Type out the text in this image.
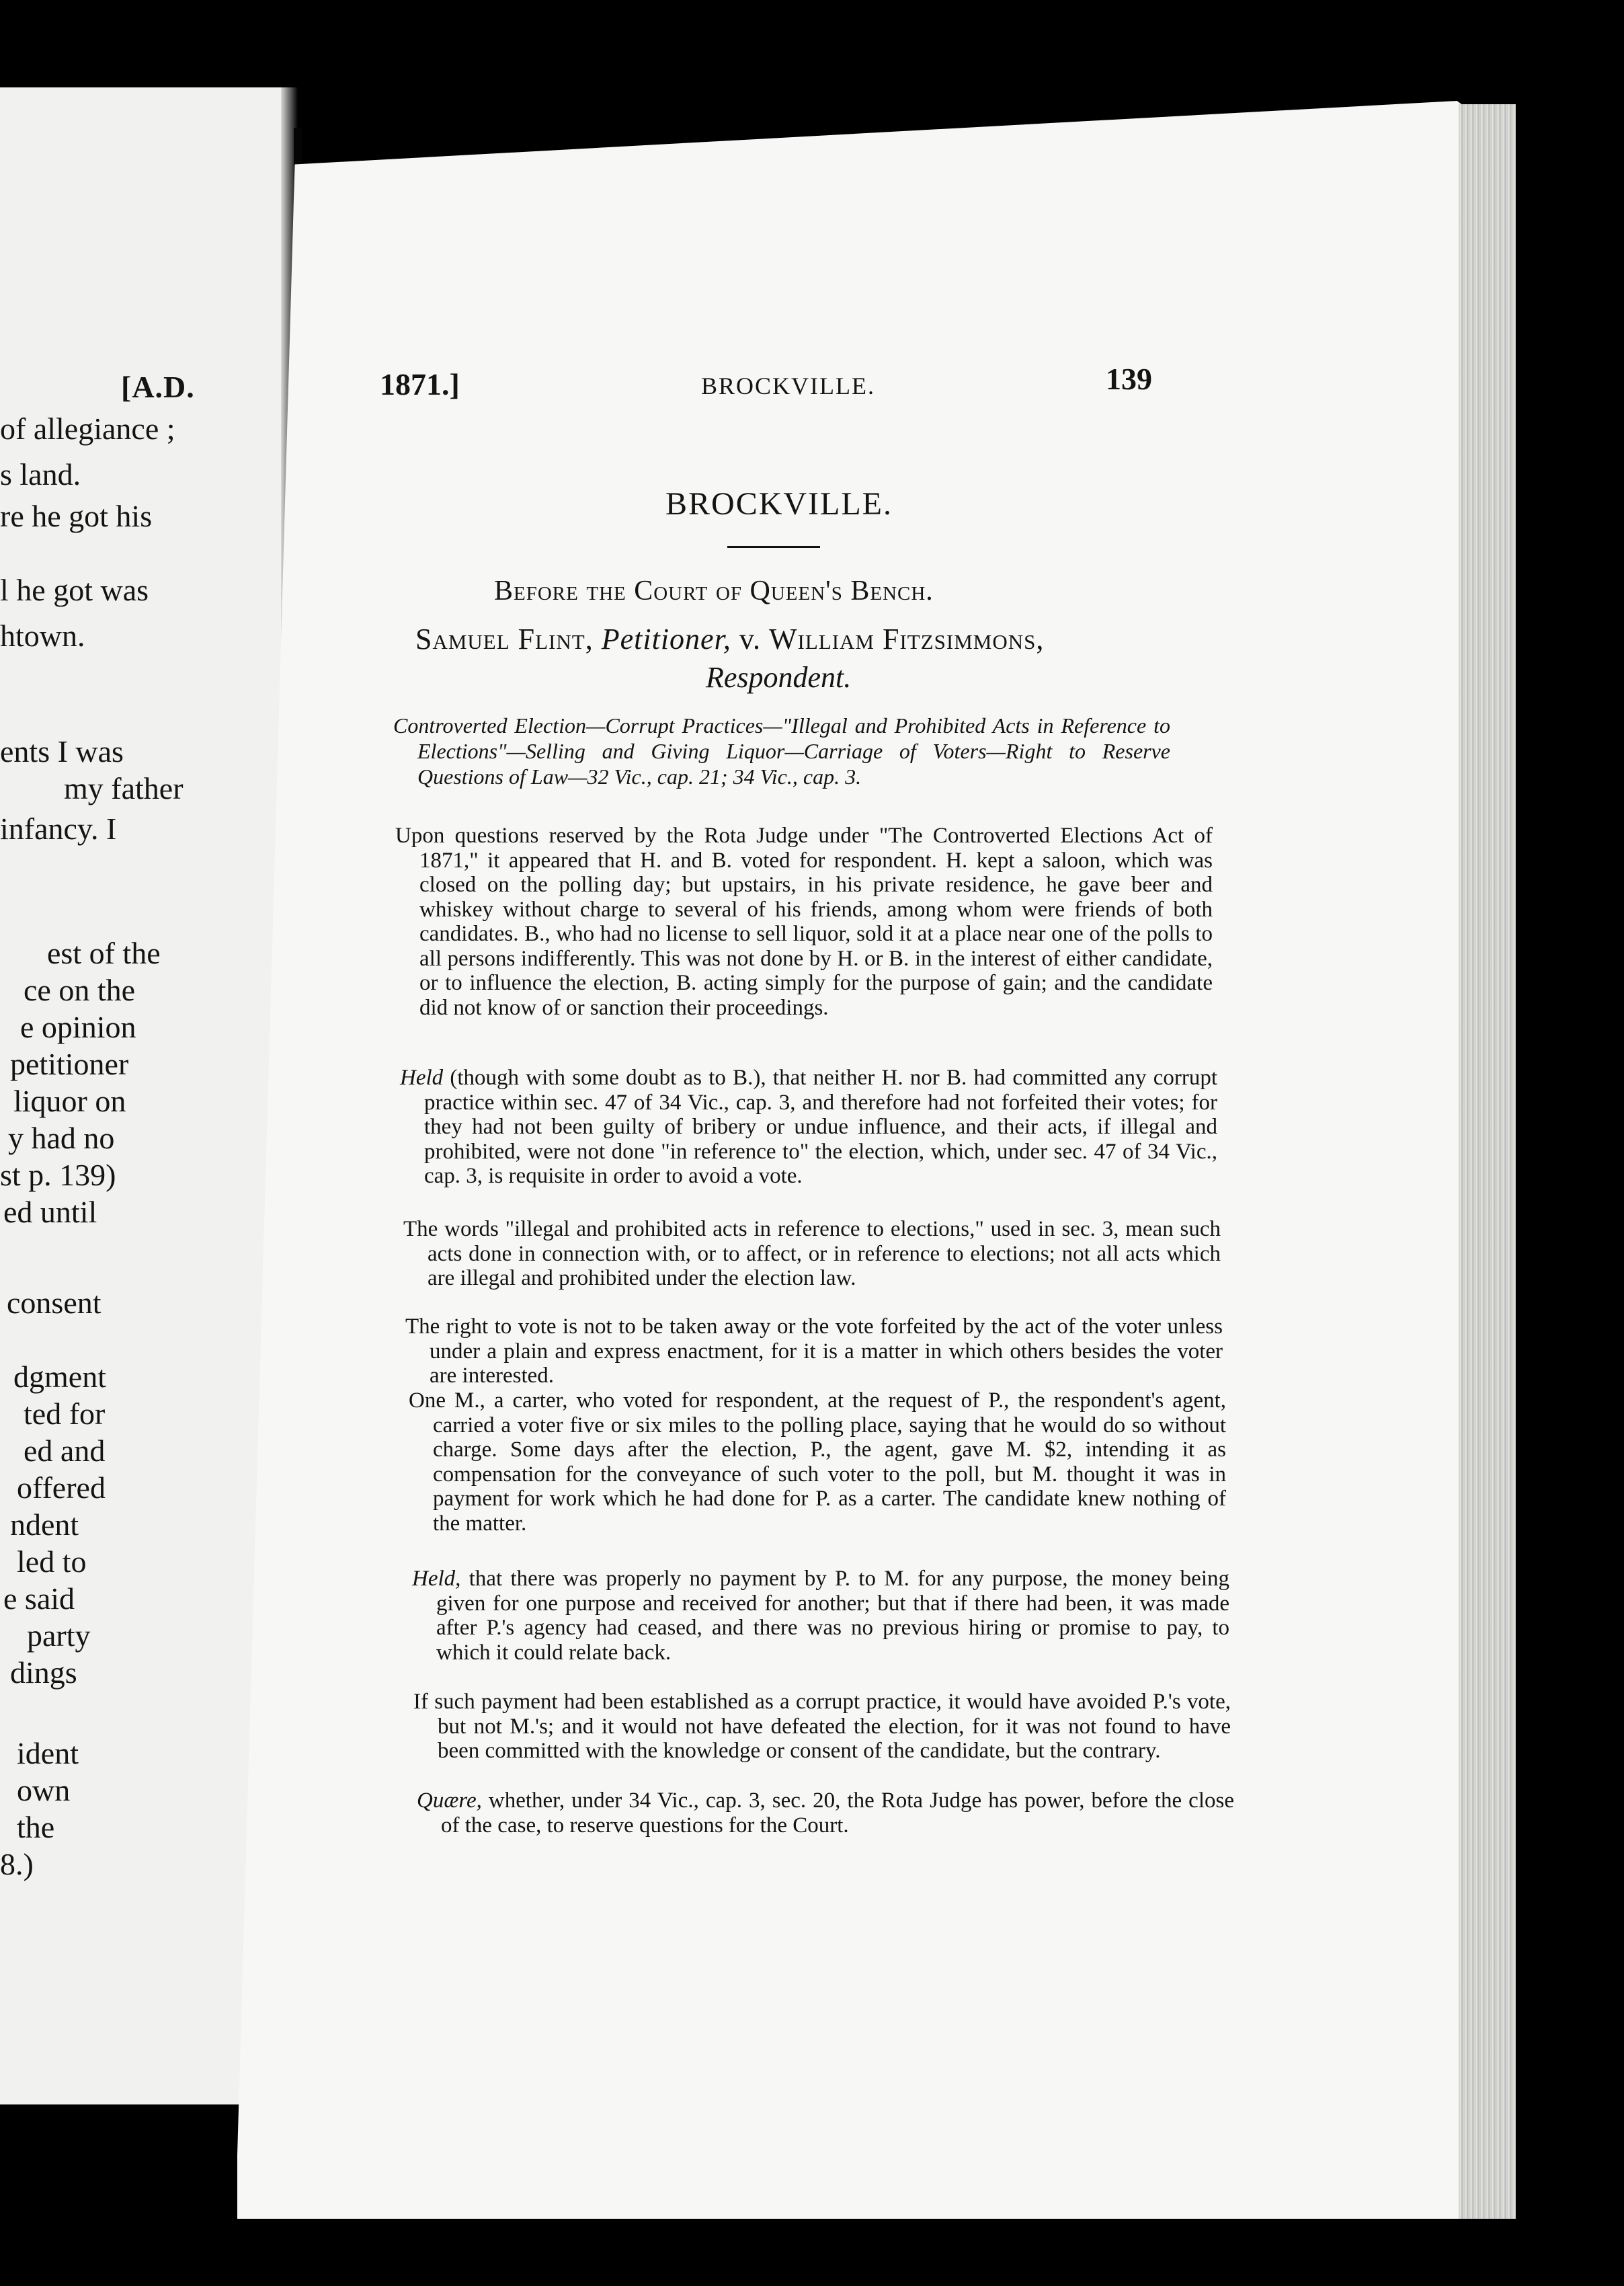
[A.D.
of allegiance ;
s land.
re he got his
l he got was
htown.
ents I was
my father
infancy. I
est of the
ce on the
e opinion
petitioner
liquor on
y had no
st p. 139)
ed until
consent
dgment
ted for
ed and
offered
ndent
led to
e said
party
dings
ident
own
the
8.)
1871.]	BROCKVILLE.	139
BROCKVILLE.
Before the Court of Queen's Bench.
Samuel Flint, Petitioner, v. William Fitzsimmons,
Respondent.
Controverted Election—Corrupt Practices—"Illegal and Prohibited Acts in Reference to Elections"—Selling and Giving Liquor—Carriage of Voters—Right to Reserve Questions of Law—32 Vic., cap. 21; 34 Vic., cap. 3.
Upon questions reserved by the Rota Judge under "The Controverted Elections Act of 1871," it appeared that H. and B. voted for respondent. H. kept a saloon, which was closed on the polling day; but upstairs, in his private residence, he gave beer and whiskey without charge to several of his friends, among whom were friends of both candidates. B., who had no license to sell liquor, sold it at a place near one of the polls to all persons indifferently. This was not done by H. or B. in the interest of either candidate, or to influence the election, B. acting simply for the purpose of gain; and the candidate did not know of or sanction their proceedings.
Held (though with some doubt as to B.), that neither H. nor B. had committed any corrupt practice within sec. 47 of 34 Vic., cap. 3, and therefore had not forfeited their votes; for they had not been guilty of bribery or undue influence, and their acts, if illegal and prohibited, were not done "in reference to" the election, which, under sec. 47 of 34 Vic., cap. 3, is requisite in order to avoid a vote.
The words "illegal and prohibited acts in reference to elections," used in sec. 3, mean such acts done in connection with, or to affect, or in reference to elections; not all acts which are illegal and prohibited under the election law.
The right to vote is not to be taken away or the vote forfeited by the act of the voter unless under a plain and express enactment, for it is a matter in which others besides the voter are interested.
One M., a carter, who voted for respondent, at the request of P., the respondent's agent, carried a voter five or six miles to the polling place, saying that he would do so without charge. Some days after the election, P., the agent, gave M. $2, intending it as compensation for the conveyance of such voter to the poll, but M. thought it was in payment for work which he had done for P. as a carter. The candidate knew nothing of the matter.
Held, that there was properly no payment by P. to M. for any purpose, the money being given for one purpose and received for another; but that if there had been, it was made after P.'s agency had ceased, and there was no previous hiring or promise to pay, to which it could relate back.
If such payment had been established as a corrupt practice, it would have avoided P.'s vote, but not M.'s; and it would not have defeated the election, for it was not found to have been committed with the knowledge or consent of the candidate, but the contrary.
Quære, whether, under 34 Vic., cap. 3, sec. 20, the Rota Judge has power, before the close of the case, to reserve questions for the Court.
